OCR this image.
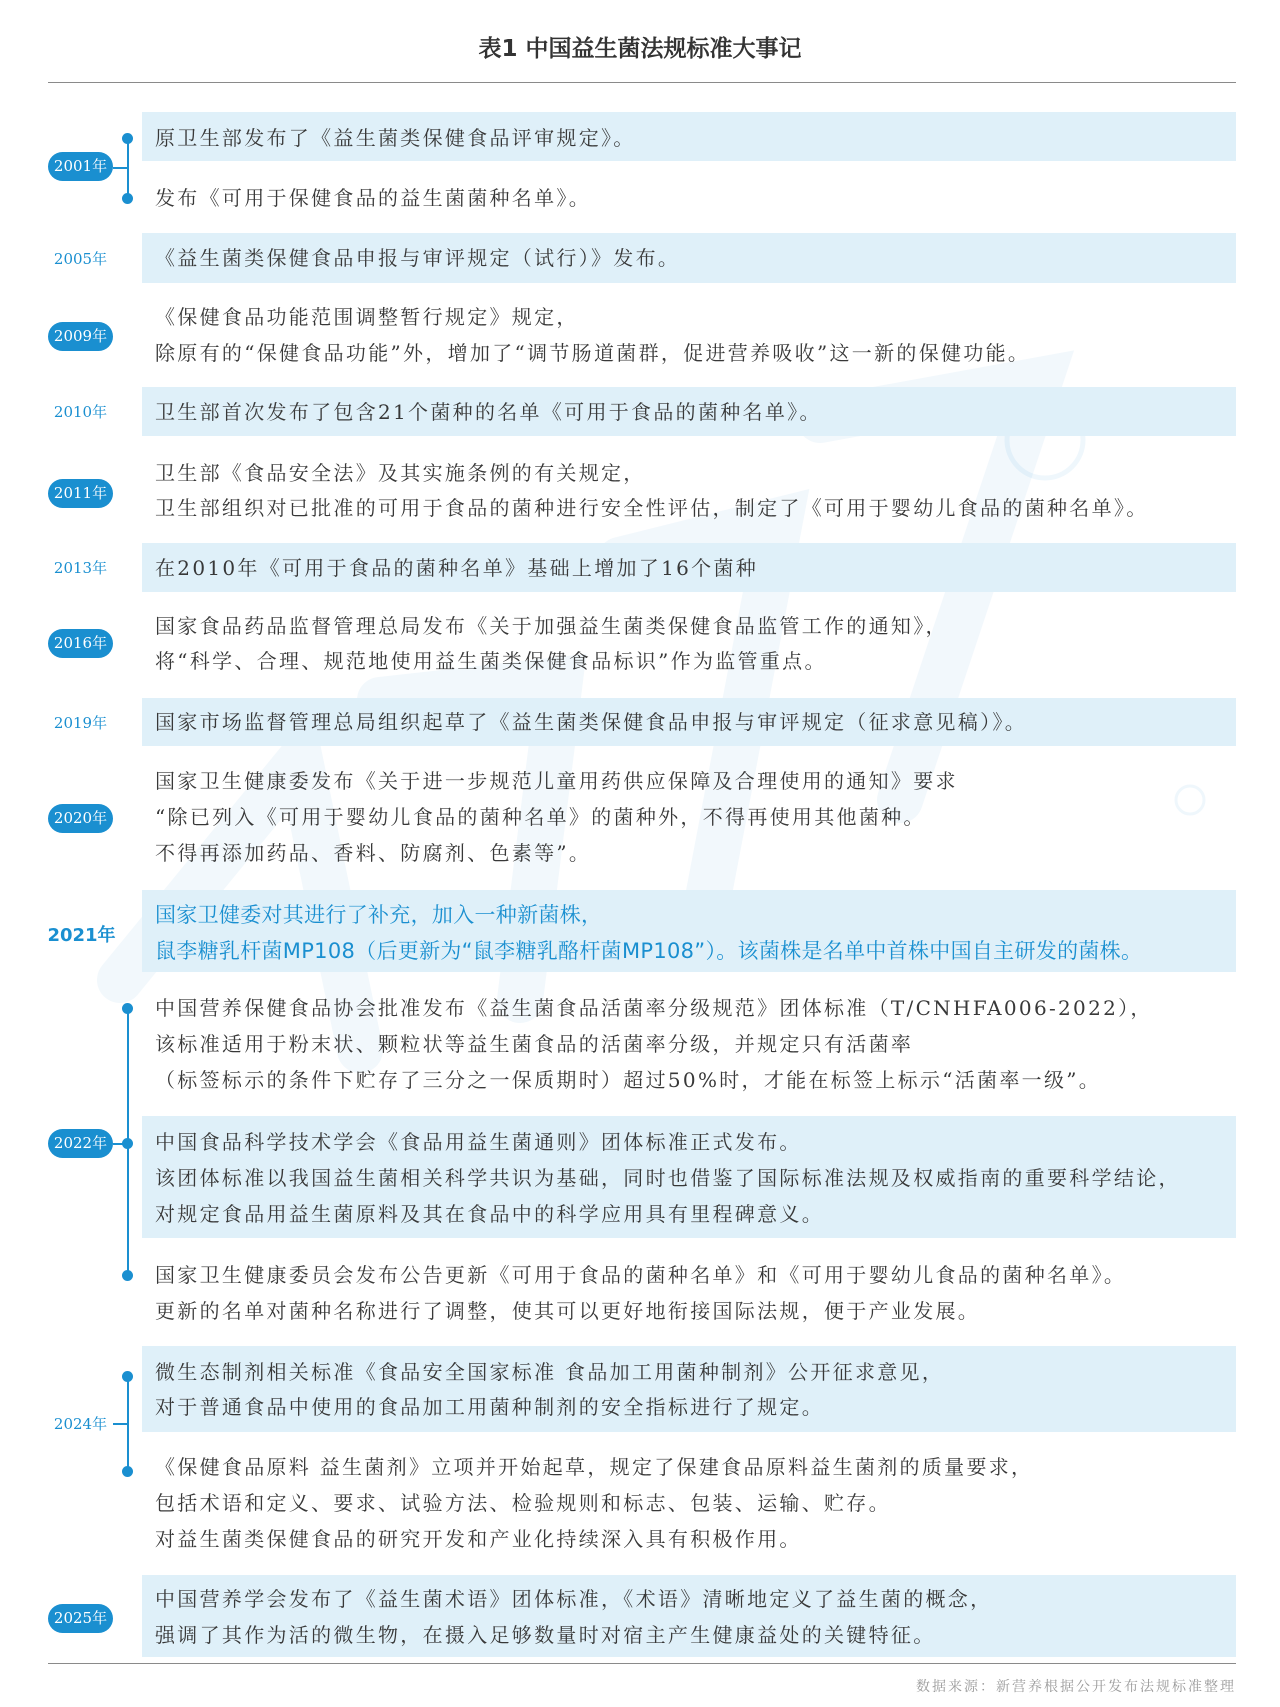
表1 中国益生菌法规标准大事记
2001年
原卫生部发布了《益生菌类保健食品评审规定》。
发布《可用于保健食品的益生菌菌种名单》。
2005年 《益生菌类保健食品申报与审评规定（试行）》发布。
2009年
《保健食品功能范围调整暂行规定》规定，
除原有的“保健食品功能”外，增加了“调节肠道菌群，促进营养吸收”这一新的保健功能。
2010年 卫生部首次发布了包含21个菌种的名单《可用于食品的菌种名单》。
2011年
卫生部《食品安全法》及其实施条例的有关规定，
卫生部组织对已批准的可用于食品的菌种进行安全性评估，制定了《可用于婴幼儿食品的菌种名单》。
2013年 在2010年《可用于食品的菌种名单》基础上增加了16个菌种
2016年
国家食品药品监督管理总局发布《关于加强益生菌类保健食品监管工作的通知》，
将“科学、合理、规范地使用益生菌类保健食品标识”作为监管重点。
2019年 国家市场监督管理总局组织起草了《益生菌类保健食品申报与审评规定（征求意见稿）》。
2020年
国家卫生健康委发布《关于进一步规范儿童用药供应保障及合理使用的通知》要求
“除已列入《可用于婴幼儿食品的菌种名单》的菌种外，不得再使用其他菌种。
不得再添加药品、香料、防腐剂、色素等”。
2021年
国家卫健委对其进行了补充，加入一种新菌株，
鼠李糖乳杆菌MP108（后更新为“鼠李糖乳酪杆菌MP108”）。该菌株是名单中首株中国自主研发的菌株。
2022年
中国营养保健食品协会批准发布《益生菌食品活菌率分级规范》团体标准（T/CNHFA006-2022），
该标准适用于粉末状、颗粒状等益生菌食品的活菌率分级，并规定只有活菌率
（标签标示的条件下贮存了三分之一保质期时）超过50%时，才能在标签上标示“活菌率一级”。
中国食品科学技术学会《食品用益生菌通则》团体标准正式发布。
该团体标准以我国益生菌相关科学共识为基础，同时也借鉴了国际标准法规及权威指南的重要科学结论，
对规定食品用益生菌原料及其在食品中的科学应用具有里程碑意义。
国家卫生健康委员会发布公告更新《可用于食品的菌种名单》和《可用于婴幼儿食品的菌种名单》。
更新的名单对菌种名称进行了调整，使其可以更好地衔接国际法规，便于产业发展。
2024年
微生态制剂相关标准《食品安全国家标准 食品加工用菌种制剂》公开征求意见，
对于普通食品中使用的食品加工用菌种制剂的安全指标进行了规定。
《保健食品原料 益生菌剂》立项并开始起草，规定了保建食品原料益生菌剂的质量要求，
包括术语和定义、要求、试验方法、检验规则和标志、包装、运输、贮存。
对益生菌类保健食品的研究开发和产业化持续深入具有积极作用。
2025年
中国营养学会发布了《益生菌术语》团体标准，《术语》清晰地定义了益生菌的概念，
强调了其作为活的微生物，在摄入足够数量时对宿主产生健康益处的关键特征。
数据来源：新营养根据公开发布法规标准整理
